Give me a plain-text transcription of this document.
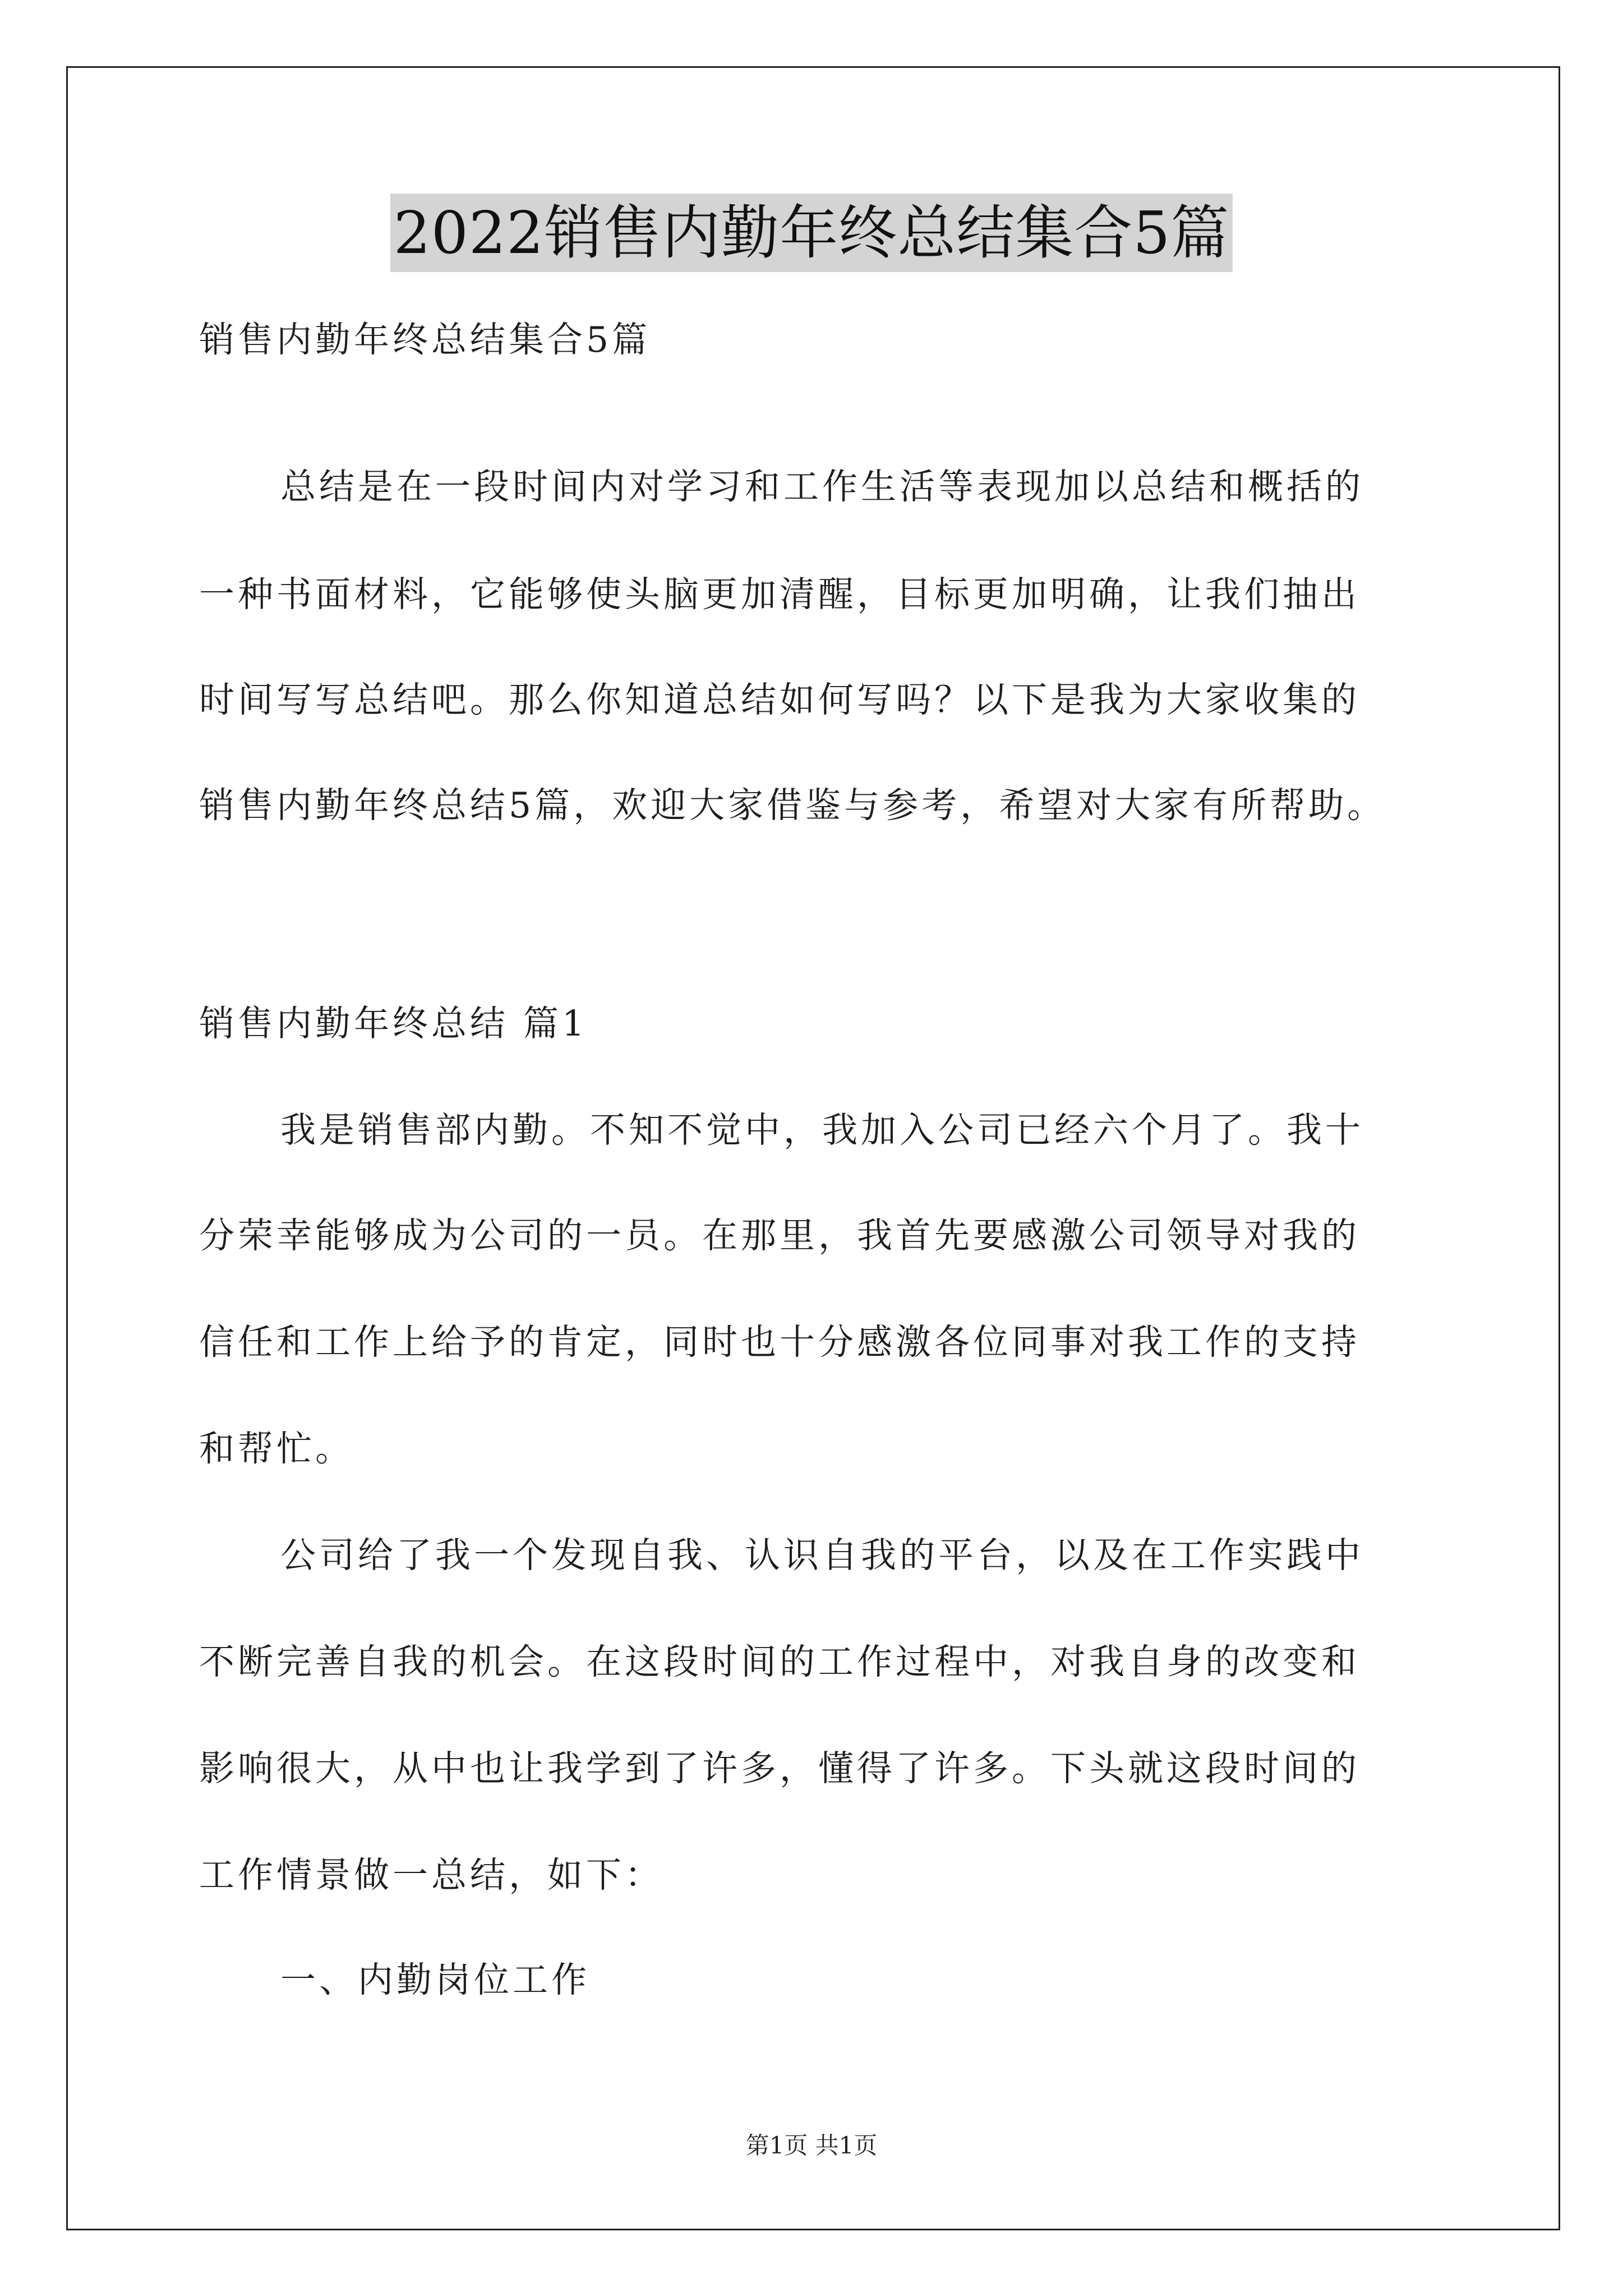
2022销售内勤年终总结集合5篇
销售内勤年终总结集合5篇
总结是在一段时间内对学习和工作生活等表现加以总结和概括的
一种书面材料，它能够使头脑更加清醒，目标更加明确，让我们抽出
时间写写总结吧。那么你知道总结如何写吗？以下是我为大家收集的
销售内勤年终总结5篇，欢迎大家借鉴与参考，希望对大家有所帮助。
销售内勤年终总结 篇1
我是销售部内勤。不知不觉中，我加入公司已经六个月了。我十
分荣幸能够成为公司的一员。在那里，我首先要感激公司领导对我的
信任和工作上给予的肯定，同时也十分感激各位同事对我工作的支持
和帮忙。
公司给了我一个发现自我、认识自我的平台，以及在工作实践中
不断完善自我的机会。在这段时间的工作过程中，对我自身的改变和
影响很大，从中也让我学到了许多，懂得了许多。下头就这段时间的
工作情景做一总结，如下：
一、内勤岗位工作
第1页 共1页
